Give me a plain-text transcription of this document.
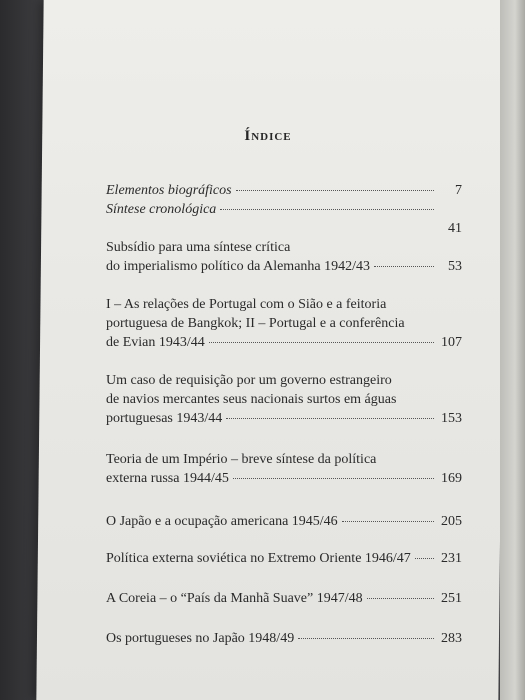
Índice
Elementos biográficos	7
Síntese cronológica
41
Subsídio para uma síntese crítica
do imperialismo político da Alemanha 1942/43	53
I – As relações de Portugal com o Sião e a feitoria
portuguesa de Bangkok; II – Portugal e a conferência
de Evian 1943/44	107
Um caso de requisição por um governo estrangeiro
de navios mercantes seus nacionais surtos em águas
portuguesas 1943/44	153
Teoria de um Império – breve síntese da política
externa russa 1944/45	169
O Japão e a ocupação americana 1945/46	205
Política externa soviética no Extremo Oriente 1946/47 231
A Coreia – o “País da Manhã Suave” 1947/48	251
Os portugueses no Japão 1948/49	283
